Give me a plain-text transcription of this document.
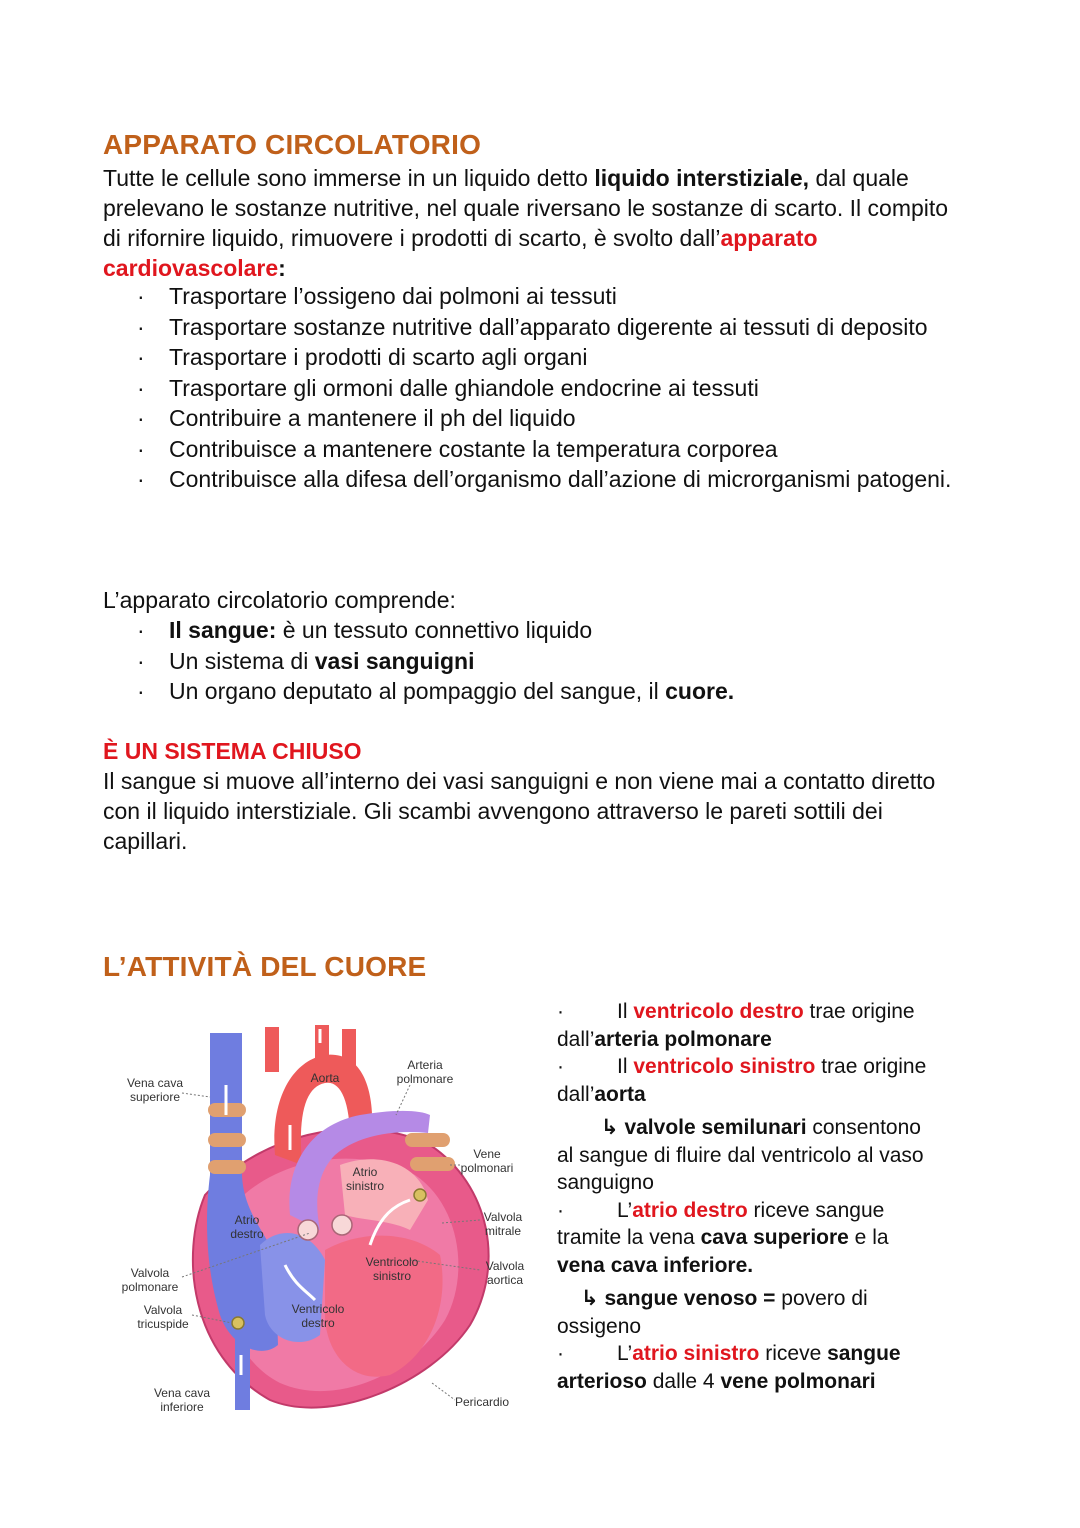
APPARATO CIRCOLATORIO

Tutte le cellule sono immerse in un liquido detto liquido interstiziale, dal quale prelevano le sostanze nutritive, nel quale riversano le sostanze di scarto. Il compito di rifornire liquido, rimuovere i prodotti di scarto, è svolto dall’apparato cardiovascolare:

· Trasportare l’ossigeno dai polmoni ai tessuti
· Trasportare sostanze nutritive dall’apparato digerente ai tessuti di deposito
· Trasportare i prodotti di scarto agli organi
· Trasportare gli ormoni dalle ghiandole endocrine ai tessuti
· Contribuire a mantenere il ph del liquido
· Contribuisce a mantenere costante la temperatura corporea
· Contribuisce alla difesa dell’organismo dall’azione di microrganismi patogeni.

L’apparato circolatorio comprende:

· Il sangue: è un tessuto connettivo liquido
· Un sistema di vasi sanguigni
· Un organo deputato al pompaggio del sangue, il cuore.
È UN SISTEMA CHIUSO

Il sangue si muove all’interno dei vasi sanguigni e non viene mai a contatto diretto con il liquido interstiziale. Gli scambi avvengono attraverso le pareti sottili dei capillari.

L’ATTIVITÀ DEL CUORE
Vena cava
superiore
Aorta
Arteria
polmonare
Vene
polmonari
Atrio
sinistro
Atrio
destro
Valvola
mitrale
Valvola
polmonare
Ventricolo
sinistro
Valvola
aortica
Valvola
tricuspide
Ventricolo
destro
Vena cava
inferiore	Pericardio

·	Il ventricolo destro trae origine

dall’arteria polmonare

·	Il ventricolo sinistro trae origine

dall’aorta

↳ valvole semilunari consentono

al sangue di fluire dal ventricolo al vaso sanguigno

·	L’atrio destro riceve sangue

tramite la vena cava superiore e la

vena cava inferiore.

↳ sangue venoso = povero di

ossigeno

·	L’atrio sinistro riceve sangue

arterioso dalle 4 vene polmonari
